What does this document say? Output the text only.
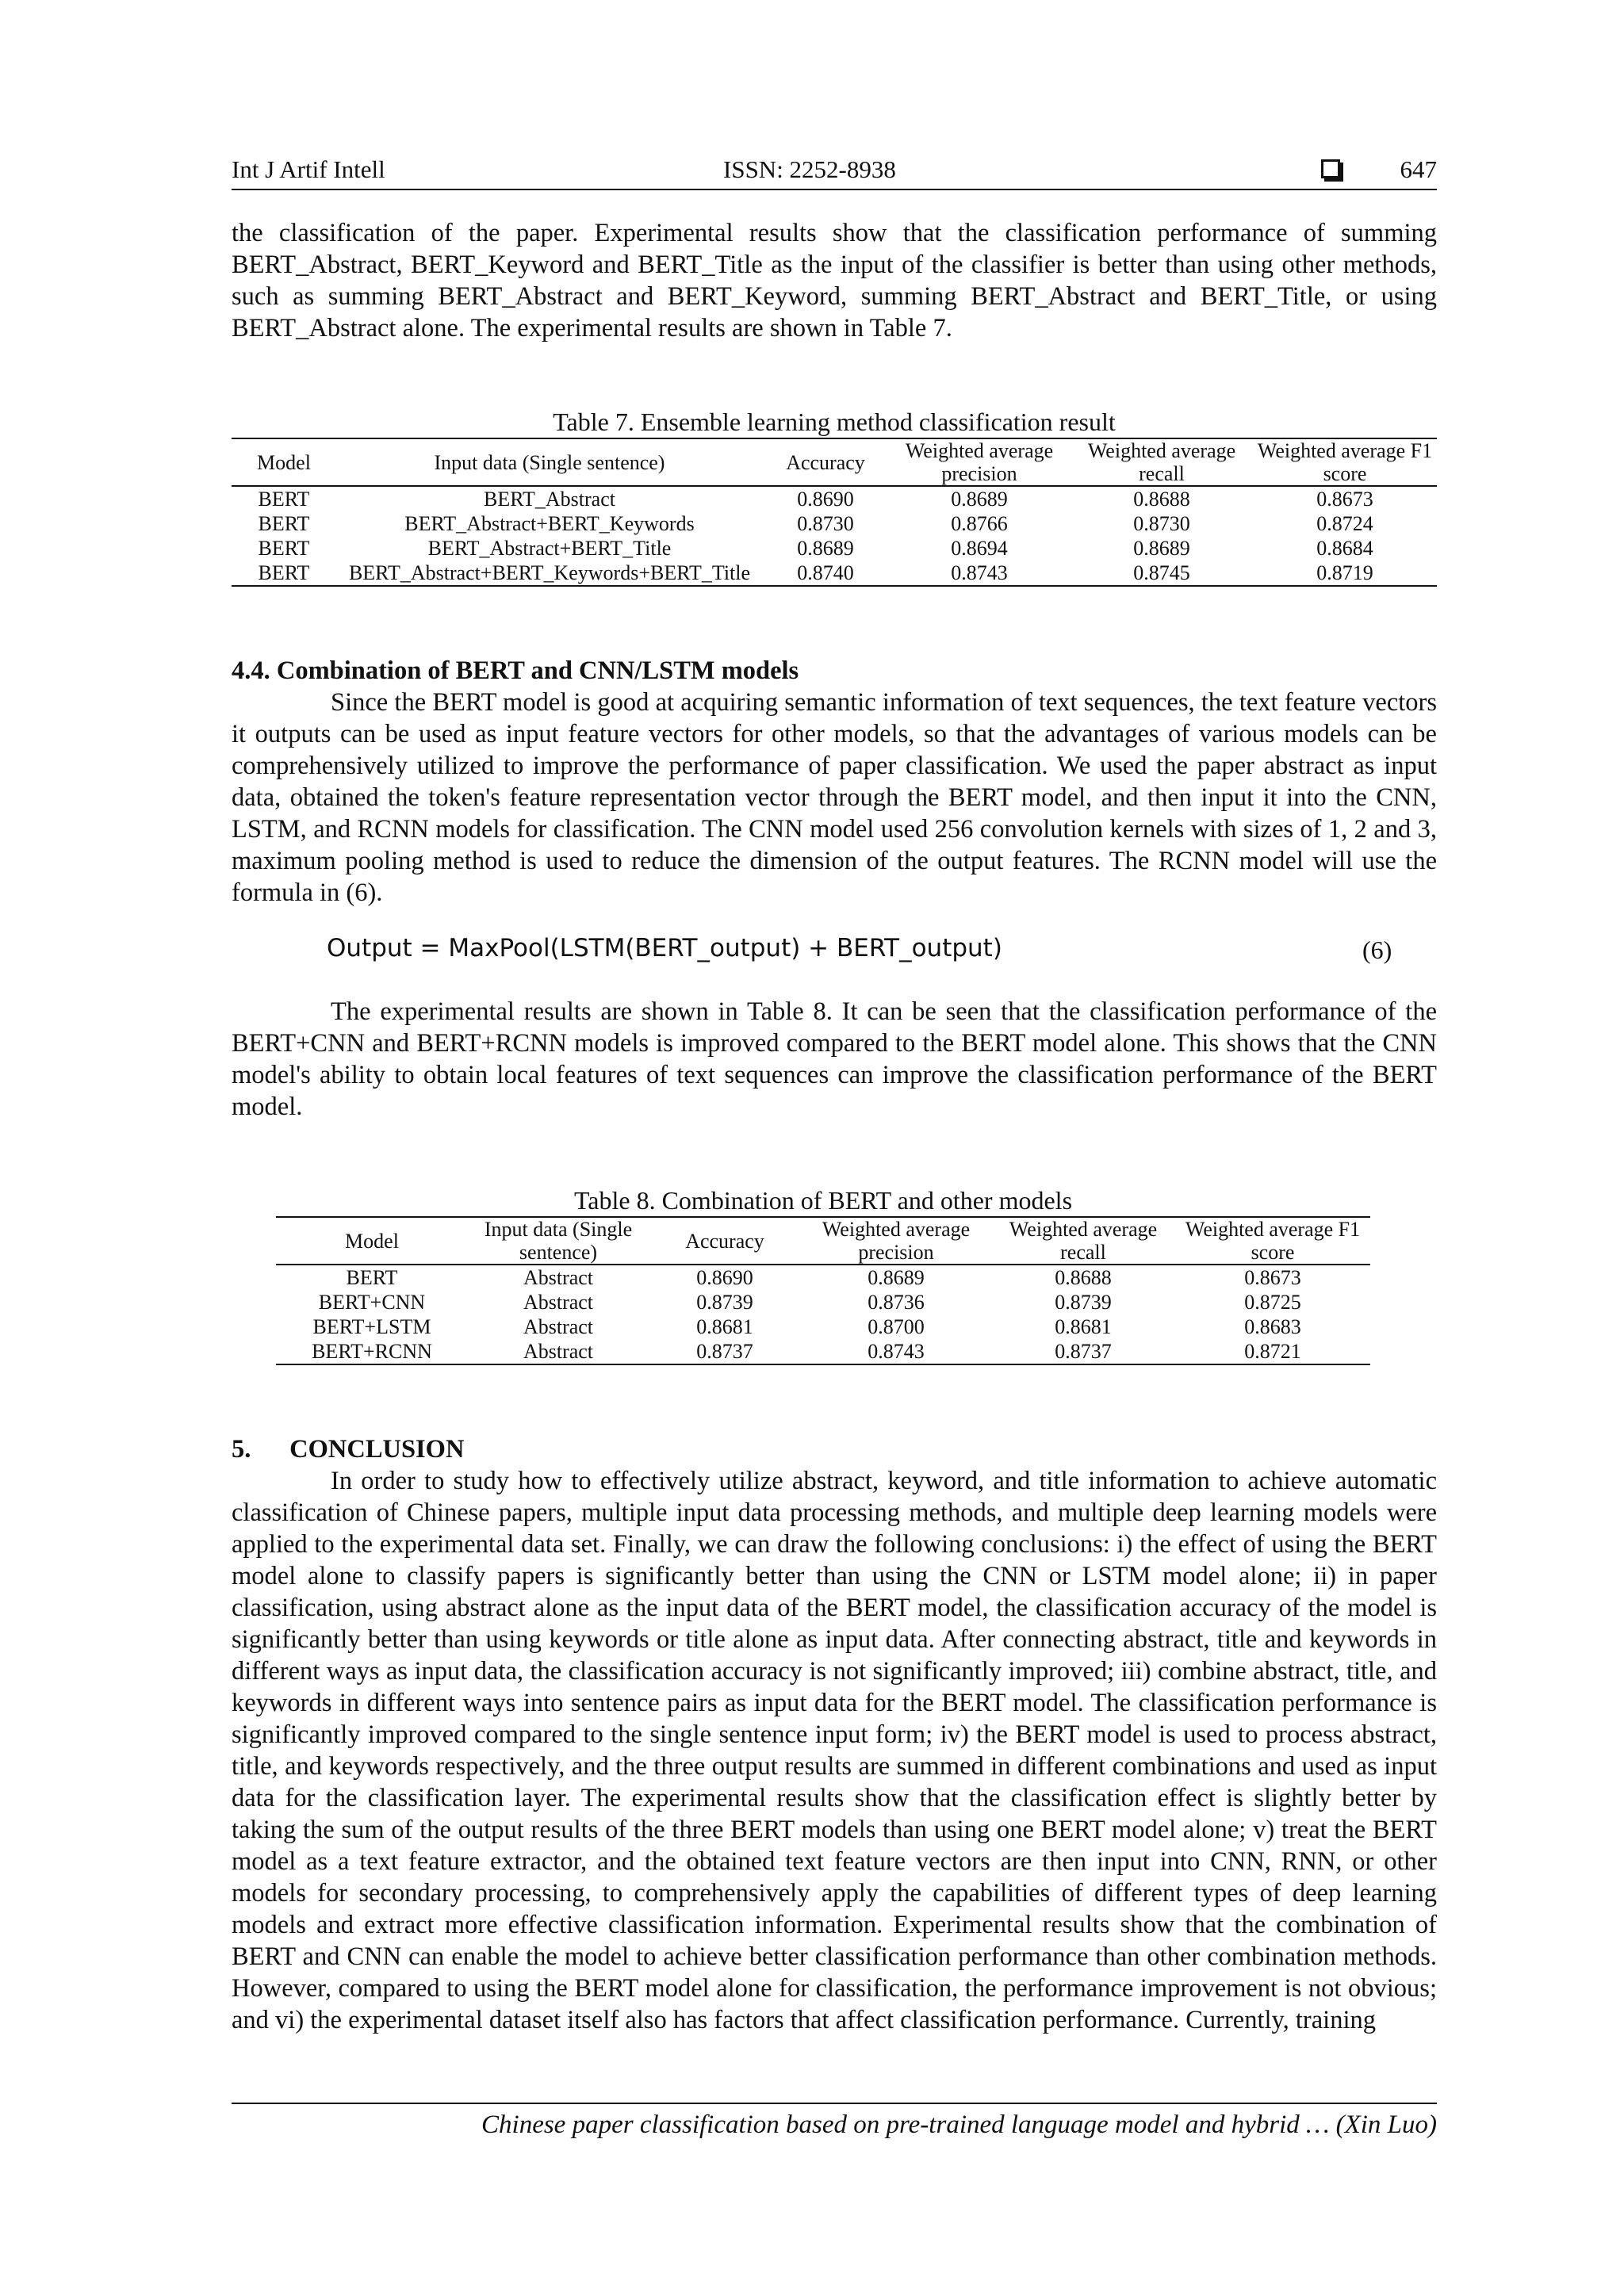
Int J Artif Intell	ISSN: 2252-8938	647
the classification of the paper. Experimental results show that the classification performance of summing BERT_Abstract, BERT_Keyword and BERT_Title as the input of the classifier is better than using other methods, such as summing BERT_Abstract and BERT_Keyword, summing BERT_Abstract and BERT_Title, or using BERT_Abstract alone. The experimental results are shown in Table 7.
Table 7. Ensemble learning method classification result
Model	Input data (Single sentence)	Accuracy	Weighted average precision	Weighted average recall	Weighted average F1 score
BERT	BERT_Abstract	0.8690	0.8689	0.8688	0.8673
BERT	BERT_Abstract+BERT_Keywords	0.8730	0.8766	0.8730	0.8724
BERT	BERT_Abstract+BERT_Title	0.8689	0.8694	0.8689	0.8684
BERT	BERT_Abstract+BERT_Keywords+BERT_Title	0.8740	0.8743	0.8745	0.8719
4.4. Combination of BERT and CNN/LSTM models
Since the BERT model is good at acquiring semantic information of text sequences, the text feature vectors it outputs can be used as input feature vectors for other models, so that the advantages of various models can be comprehensively utilized to improve the performance of paper classification. We used the paper abstract as input data, obtained the token's feature representation vector through the BERT model, and then input it into the CNN, LSTM, and RCNN models for classification. The CNN model used 256 convolution kernels with sizes of 1, 2 and 3, maximum pooling method is used to reduce the dimension of the output features. The RCNN model will use the formula in (6).
Output = MaxPool(LSTM(BERT_output) + BERT_output)	(6)
The experimental results are shown in Table 8. It can be seen that the classification performance of the BERT+CNN and BERT+RCNN models is improved compared to the BERT model alone. This shows that the CNN model's ability to obtain local features of text sequences can improve the classification performance of the BERT model.
Table 8. Combination of BERT and other models
Model	Input data (Single sentence)	Accuracy	Weighted average precision	Weighted average recall	Weighted average F1 score
BERT	Abstract	0.8690	0.8689	0.8688	0.8673
BERT+CNN	Abstract	0.8739	0.8736	0.8739	0.8725
BERT+LSTM	Abstract	0.8681	0.8700	0.8681	0.8683
BERT+RCNN	Abstract	0.8737	0.8743	0.8737	0.8721
5.      CONCLUSION
In order to study how to effectively utilize abstract, keyword, and title information to achieve automatic classification of Chinese papers, multiple input data processing methods, and multiple deep learning models were applied to the experimental data set. Finally, we can draw the following conclusions: i) the effect of using the BERT model alone to classify papers is significantly better than using the CNN or LSTM model alone; ii) in paper classification, using abstract alone as the input data of the BERT model, the classification accuracy of the model is significantly better than using keywords or title alone as input data. After connecting abstract, title and keywords in different ways as input data, the classification accuracy is not significantly improved; iii) combine abstract, title, and keywords in different ways into sentence pairs as input data for the BERT model. The classification performance is significantly improved compared to the single sentence input form; iv) the BERT model is used to process abstract, title, and keywords respectively, and the three output results are summed in different combinations and used as input data for the classification layer. The experimental results show that the classification effect is slightly better by taking the sum of the output results of the three BERT models than using one BERT model alone; v) treat the BERT model as a text feature extractor, and the obtained text feature vectors are then input into CNN, RNN, or other models for secondary processing, to comprehensively apply the capabilities of different types of deep learning models and extract more effective classification information. Experimental results show that the combination of BERT and CNN can enable the model to achieve better classification performance than other combination methods. However, compared to using the BERT model alone for classification, the performance improvement is not obvious; and vi) the experimental dataset itself also has factors that affect classification performance. Currently, training
Chinese paper classification based on pre-trained language model and hybrid … (Xin Luo)
